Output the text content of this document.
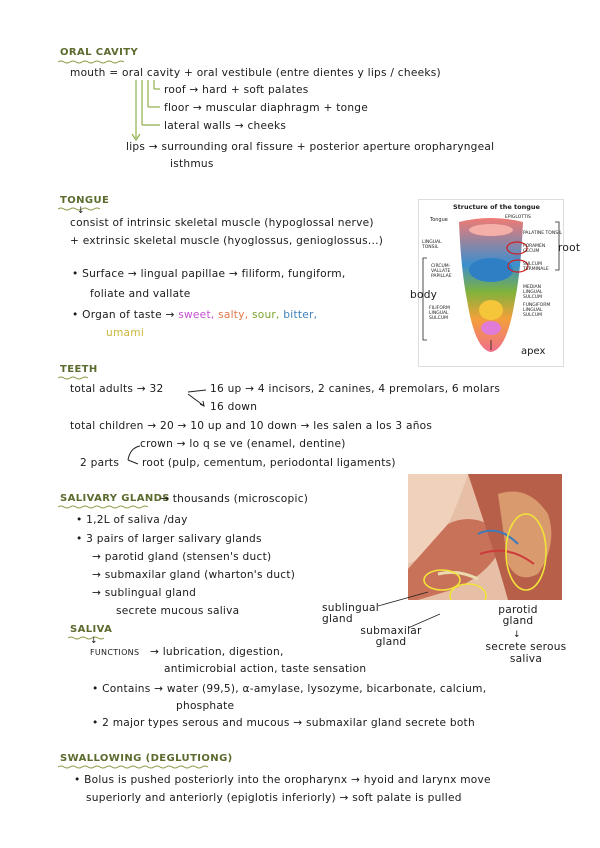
ORAL CAVITY
mouth = oral cavity + oral vestibule (entre dientes y lips / cheeks)
roof → hard + soft palates
floor → muscular diaphragm + tonge
lateral walls → cheeks
lips → surrounding oral fissure + posterior aperture oropharyngeal
isthmus
TONGUE
↓
consist of intrinsic skeletal muscle (hypoglossal nerve)
+ extrinsic skeletal muscle (hyoglossus, genioglossus...)
• Surface → lingual papillae → filiform, fungiform,
foliate and vallate
• Organ of taste → sweet, salty, sour, bitter,
umami
Structure of the tongue
Tongue	EPIGLOTTIS
PALATINE TONSIL
LINGUAL TONSIL	FORAMEN CECUM
CIRCUM-VALLATE PAPILLAE
SULCUM TERMINALE
MEDIAN LINGUAL SULCUM
FILIFORM LINGUAL SULCUM
FUNGIFORM LINGUAL SULCUM
apex
root
body
TEETH
total adults → 32	16 up → 4 incisors, 2 canines, 4 premolars, 6 molars
16 down
total children → 20 → 10 up and 10 down → les salen a los 3 años
crown → lo q se ve (enamel, dentine)
2 parts root (pulp, cementum, periodontal ligaments)
SALIVARY GLANDS
→ thousands (microscopic)
• 1,2L of saliva /day
• 3 pairs of larger salivary glands
→ parotid gland (stensen's duct)
→ submaxilar gland (wharton's duct)
→ sublingual gland
secrete mucous saliva	sublingual gland
submaxilar gland
parotid gland
↓
secrete serous saliva
SALIVA
↓
FUNCTIONS → lubrication, digestion,
antimicrobial action, taste sensation
• Contains → water (99,5), α-amylase, lysozyme, bicarbonate, calcium,
phosphate
• 2 major types serous and mucous → submaxilar gland secrete both
SWALLOWING (DEGLUTIONG)
• Bolus is pushed posteriorly into the oropharynx → hyoid and larynx move
superiorly and anteriorly (epiglotis inferiorly) → soft palate is pulled
